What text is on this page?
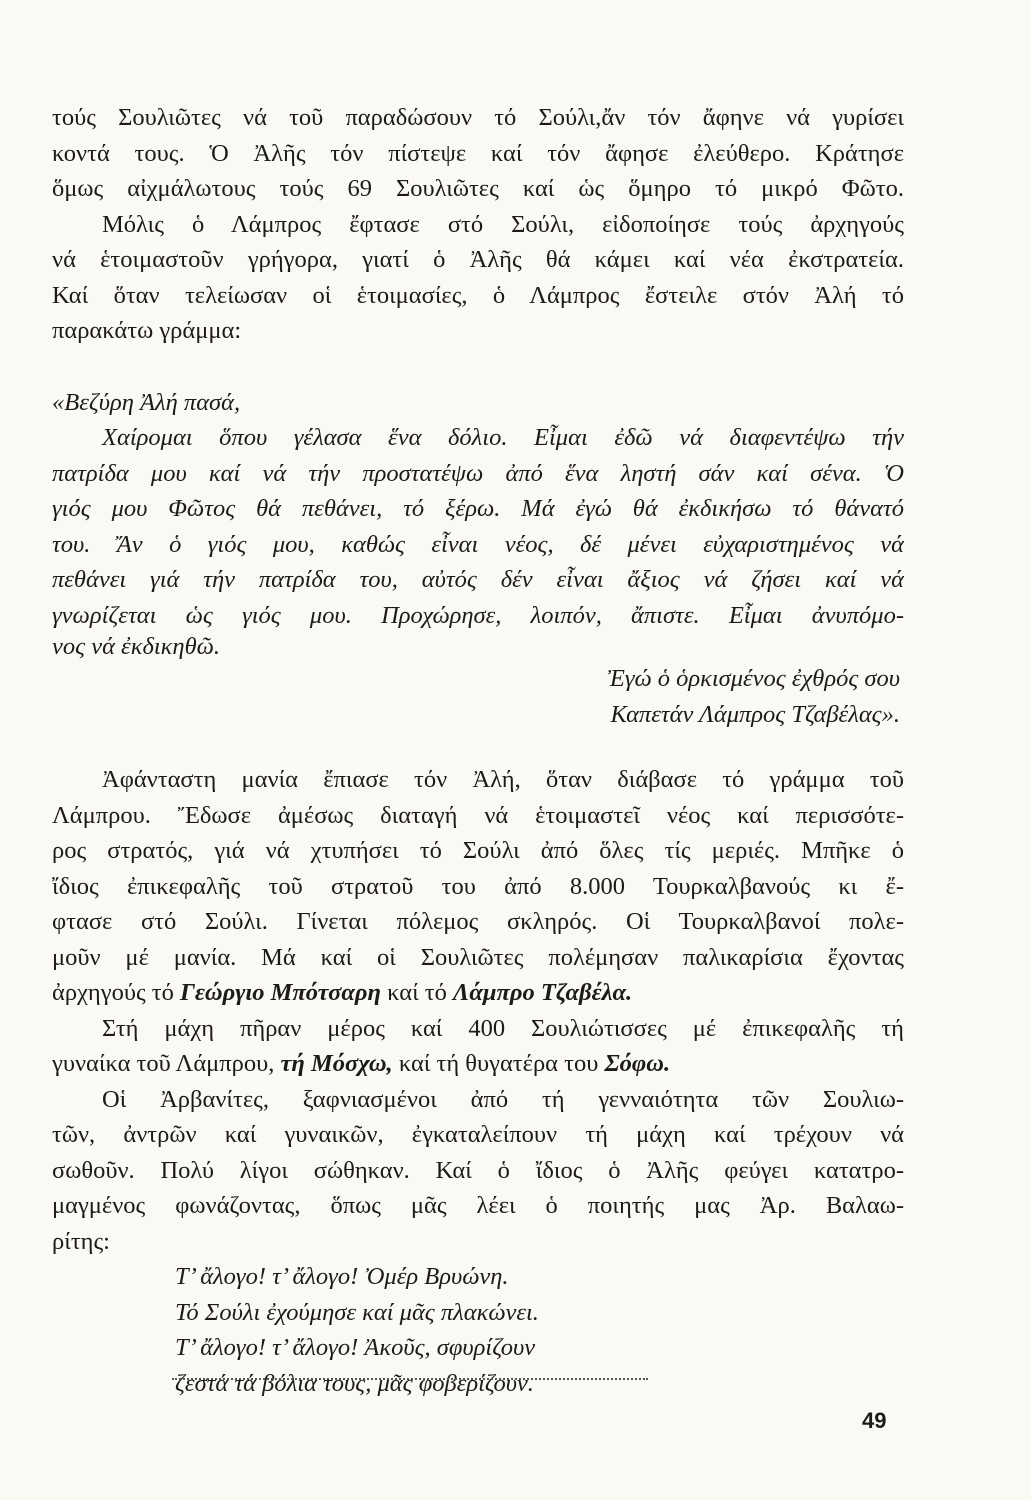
τούς Σουλιῶτες νά τοῦ παραδώσουν τό Σούλι,ἄν τόν ἄφηνε νά γυρίσει
κοντά τους. Ὁ Ἀλῆς τόν πίστεψε καί τόν ἄφησε ἐλεύθερο. Κράτησε
ὅμως αἰχμάλωτους τούς 69 Σουλιῶτες καί ὡς ὅμηρο τό μικρό Φῶτο.
Μόλις ὁ Λάμπρος ἔφτασε στό Σούλι, εἰδοποίησε τούς ἀρχηγούς
νά ἑτοιμαστοῦν γρήγορα, γιατί ὁ Ἀλῆς θά κάμει καί νέα ἐκστρατεία.
Καί ὅταν τελείωσαν οἱ ἑτοιμασίες, ὁ Λάμπρος ἔστειλε στόν Ἀλή τό
παρακάτω γράμμα:
«Βεζύρη Ἀλή πασά,
Χαίρομαι ὅπου γέλασα ἕνα δόλιο. Εἶμαι ἐδῶ νά διαφεντέψω τήν
πατρίδα μου καί νά τήν προστατέψω ἀπό ἕνα ληστή σάν καί σένα. Ὁ
γιός μου Φῶτος θά πεθάνει, τό ξέρω. Μά ἐγώ θά ἐκδικήσω τό θάνατό
του. Ἄν ὁ γιός μου, καθώς εἶναι νέος, δέ μένει εὐχαριστημένος νά
πεθάνει γιά τήν πατρίδα του, αὐτός δέν εἶναι ἄξιος νά ζήσει καί νά
γνωρίζεται ὡς γιός μου. Προχώρησε, λοιπόν, ἄπιστε. Εἶμαι ἀνυπόμο-
νος νά ἐκδικηθῶ.
Ἐγώ ὁ ὁρκισμένος ἐχθρός σου
Καπετάν Λάμπρος Τζαβέλας».
Ἀφάνταστη μανία ἔπιασε τόν Ἀλή, ὅταν διάβασε τό γράμμα τοῦ
Λάμπρου. Ἔδωσε ἀμέσως διαταγή νά ἑτοιμαστεῖ νέος καί περισσότε-
ρος στρατός, γιά νά χτυπήσει τό Σούλι ἀπό ὅλες τίς μεριές. Μπῆκε ὁ
ἴδιος ἐπικεφαλῆς τοῦ στρατοῦ του ἀπό 8.000 Τουρκαλβανούς κι ἔ-
φτασε στό Σούλι. Γίνεται πόλεμος σκληρός. Οἱ Τουρκαλβανοί πολε-
μοῦν μέ μανία. Μά καί οἱ Σουλιῶτες πολέμησαν παλικαρίσια ἔχοντας
ἀρχηγούς τό Γεώργιο Μπότσαρη καί τό Λάμπρο Τζαβέλα.
Στή μάχη πῆραν μέρος καί 400 Σουλιώτισσες μέ ἐπικεφαλῆς τή
γυναίκα τοῦ Λάμπρου, τή Μόσχω, καί τή θυγατέρα του Σόφω.
Οἱ Ἀρβανίτες, ξαφνιασμένοι ἀπό τή γενναιότητα τῶν Σουλιω-
τῶν, ἀντρῶν καί γυναικῶν, ἐγκαταλείπουν τή μάχη καί τρέχουν νά
σωθοῦν. Πολύ λίγοι σώθηκαν. Καί ὁ ἴδιος ὁ Ἀλῆς φεύγει κατατρο-
μαγμένος φωνάζοντας, ὅπως μᾶς λέει ὁ ποιητής μας Ἀρ. Βαλαω-
ρίτης:
Τ’ ἄλογο! τ’ ἄλογο! Ὀμέρ Βρυώνη.
Τό Σούλι ἐχούμησε καί μᾶς πλακώνει.
Τ’ ἄλογο! τ’ ἄλογο! Ἀκοῦς, σφυρίζουν
ζεστά τά βόλια τους, μᾶς φοβερίζουν.
49
